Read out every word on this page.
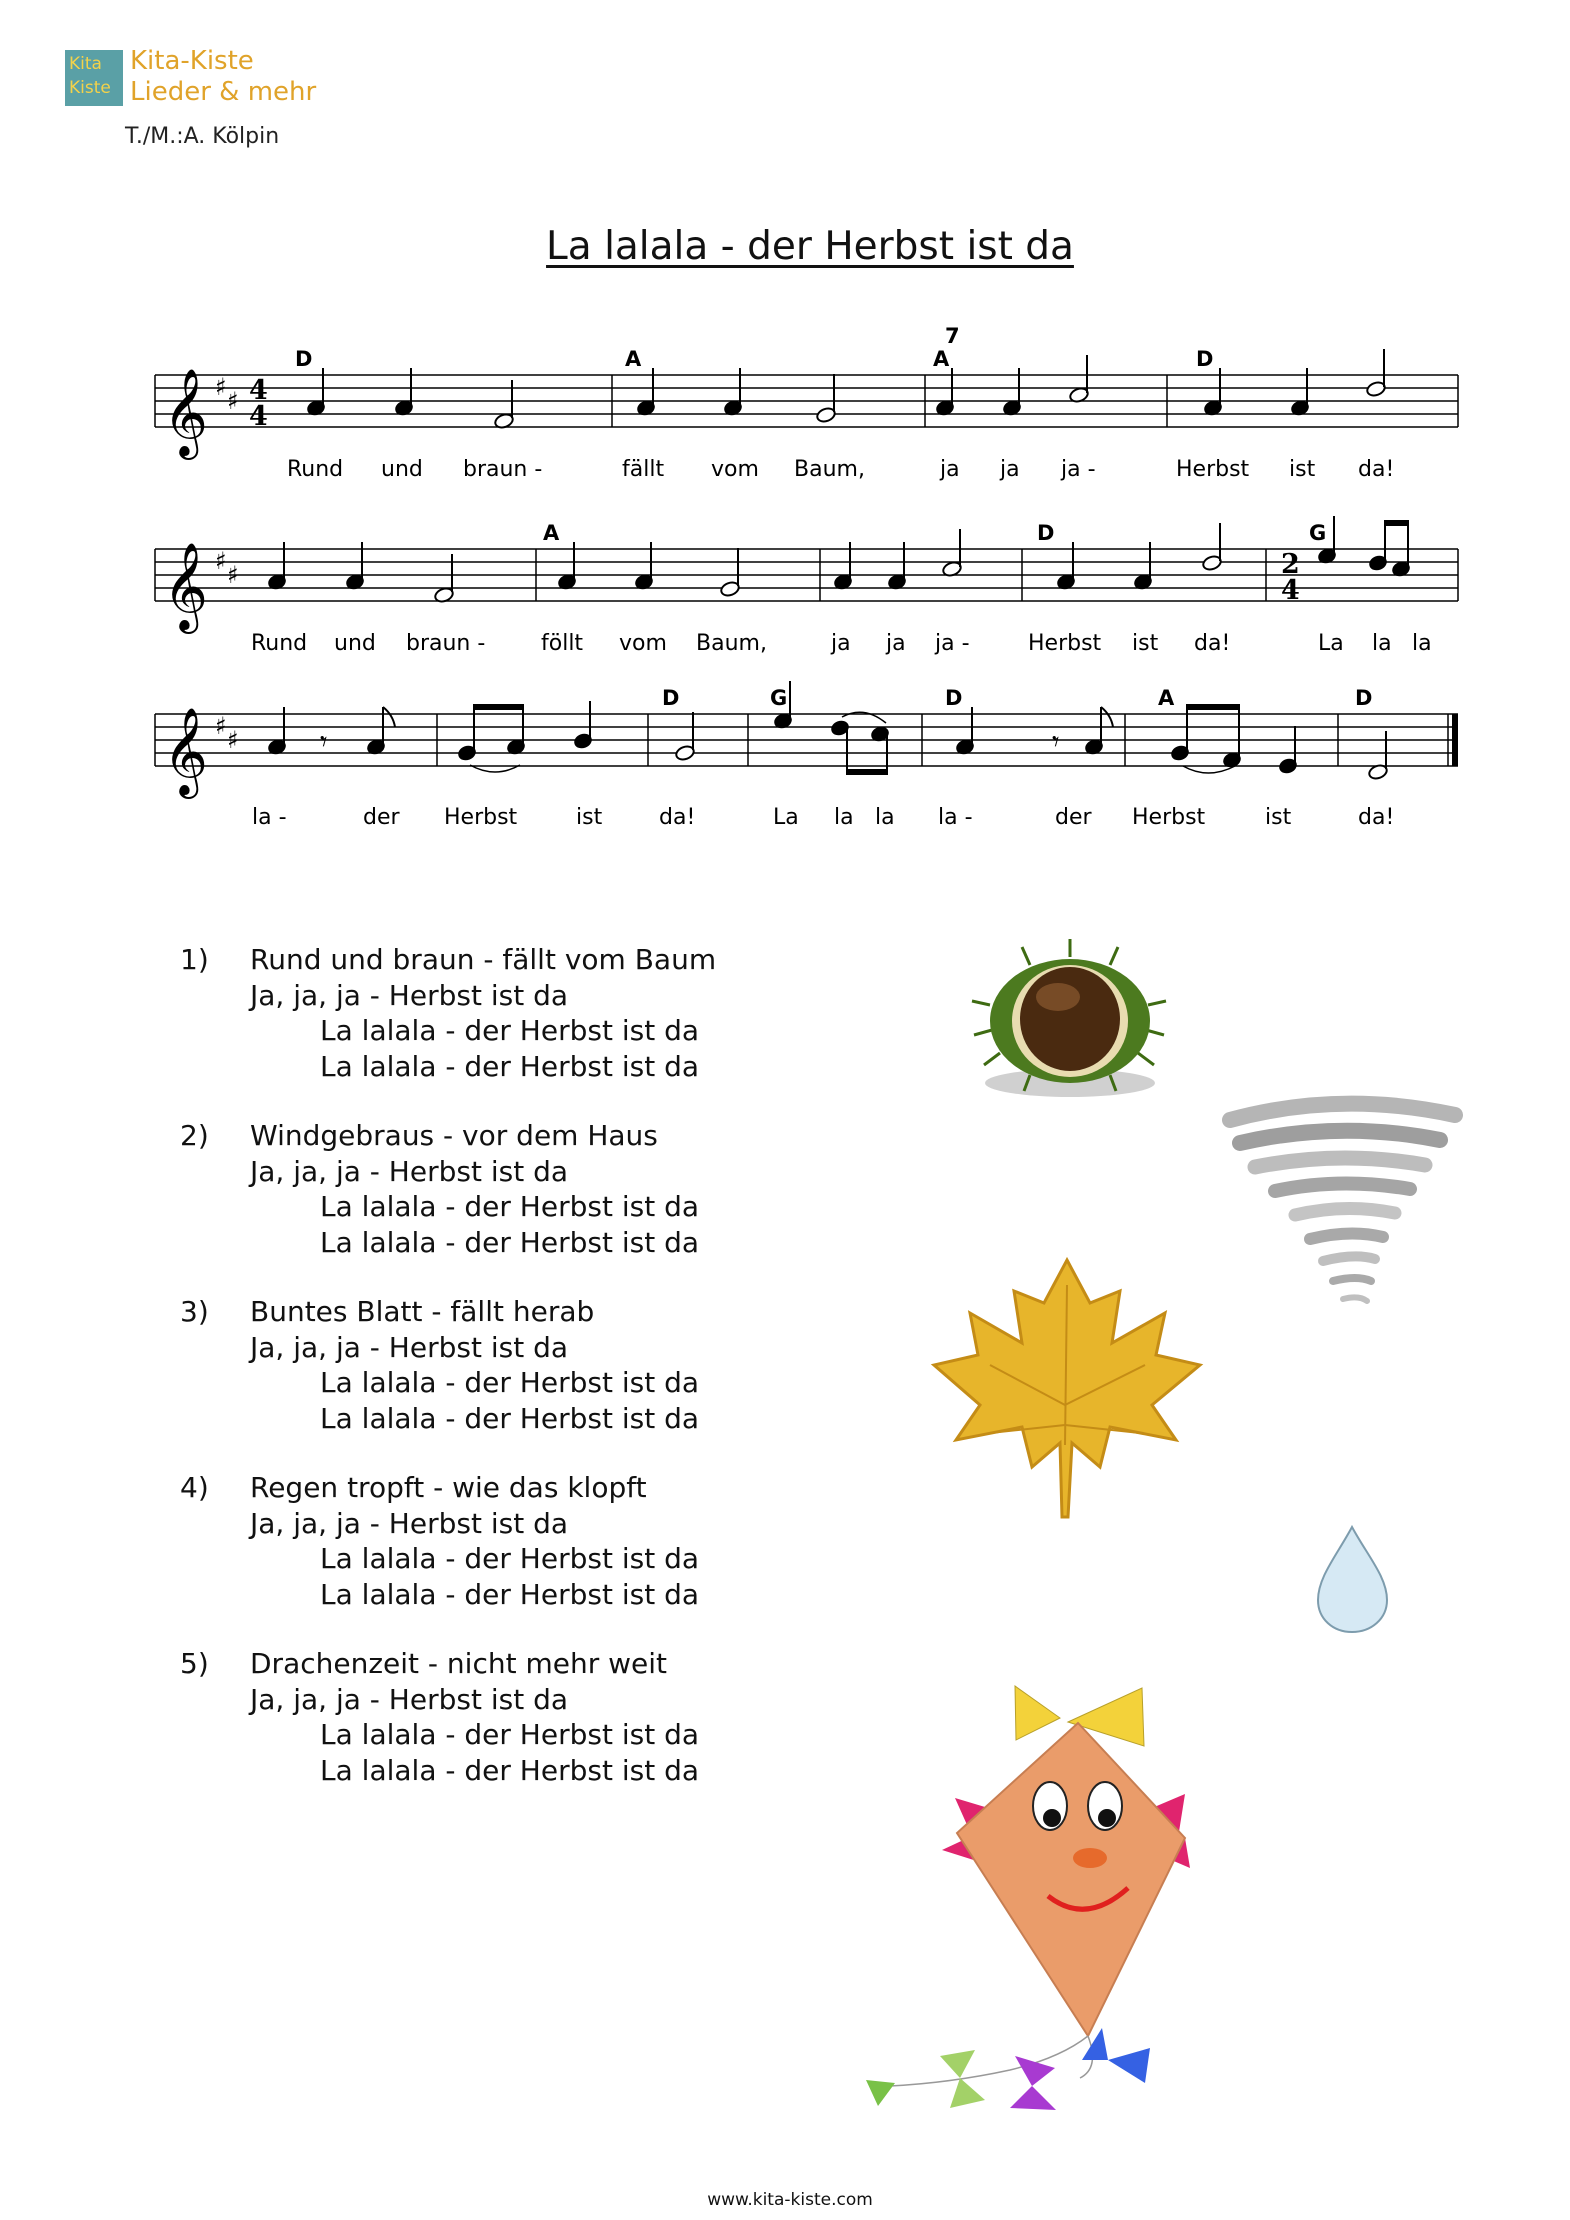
Kita
Kiste
Kita-Kiste
Lieder & mehr
T./M.:A. Kölpin
La lalala - der Herbst ist da
𝄞 ♯ ♯ 4
4
D	A	A
7
D
Rund und braun -	fällt vom Baum,	ja ja ja -	Herbst ist da!
𝄞 ♯ ♯	2
4
A	D	G
Rund und braun -	föllt vom Baum,	ja ja ja -	Herbst ist da!	La la la
𝄞 ♯ ♯	𝄾	𝄾
D	G	D	A	D
la -	der Herbst	ist	da!	La la la la -	der Herbst	ist	da!
1) Rund und braun - fällt vom Baum
Ja, ja, ja - Herbst ist da
La lalala - der Herbst ist da
La lalala - der Herbst ist da
2) Windgebraus - vor dem Haus
Ja, ja, ja - Herbst ist da
La lalala - der Herbst ist da
La lalala - der Herbst ist da
3) Buntes Blatt - fällt herab
Ja, ja, ja - Herbst ist da
La lalala - der Herbst ist da
La lalala - der Herbst ist da
4) Regen tropft - wie das klopft
Ja, ja, ja - Herbst ist da
La lalala - der Herbst ist da
La lalala - der Herbst ist da
5) Drachenzeit - nicht mehr weit
Ja, ja, ja - Herbst ist da
La lalala - der Herbst ist da
La lalala - der Herbst ist da
www.kita-kiste.com
